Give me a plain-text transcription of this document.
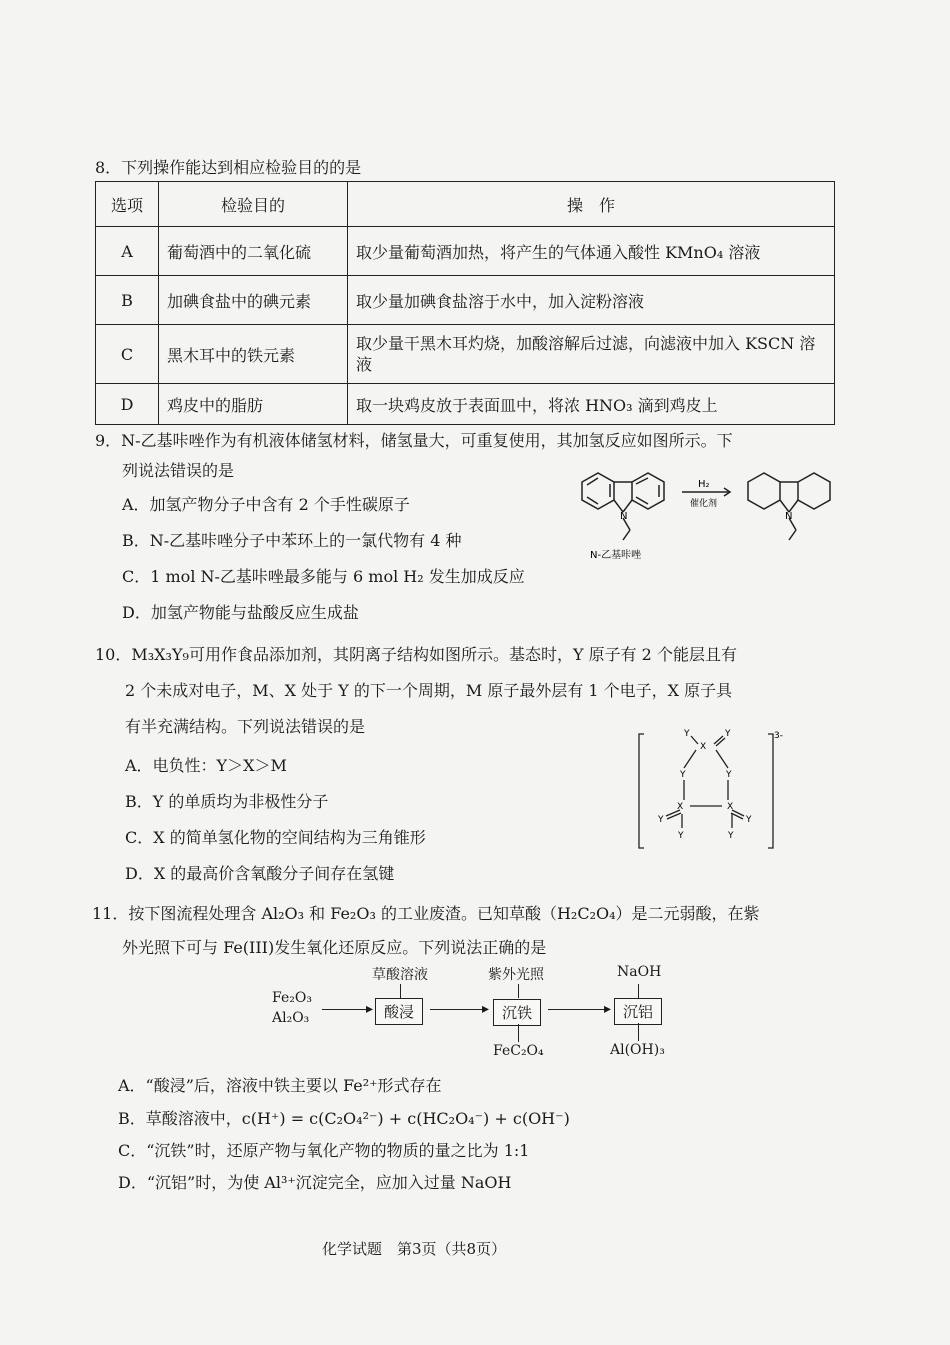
8．下列操作能达到相应检验目的的是
选项	检验目的	操　作
A	葡萄酒中的二氧化硫	取少量葡萄酒加热，将产生的气体通入酸性 KMnO₄ 溶液
B	加碘食盐中的碘元素	取少量加碘食盐溶于水中，加入淀粉溶液
C	黑木耳中的铁元素	取少量干黑木耳灼烧，加酸溶解后过滤，向滤液中加入 KSCN 溶液
D	鸡皮中的脂肪	取一块鸡皮放于表面皿中，将浓 HNO₃ 滴到鸡皮上
9．N-乙基咔唑作为有机液体储氢材料，储氢量大，可重复使用，其加氢反应如图所示。下
列说法错误的是
A．加氢产物分子中含有 2 个手性碳原子
B．N-乙基咔唑分子中苯环上的一氯代物有 4 种
C．1 mol N-乙基咔唑最多能与 6 mol H₂ 发生加成反应
D．加氢产物能与盐酸反应生成盐
N	N
H₂
催化剂
N-乙基咔唑
10．M₃X₃Y₉可用作食品添加剂，其阴离子结构如图所示。基态时，Y 原子有 2 个能层且有
2 个未成对电子，M、X 处于 Y 的下一个周期，M 原子最外层有 1 个电子，X 原子具
有半充满结构。下列说法错误的是
A．电负性：Y＞X＞M
B．Y 的单质均为非极性分子
C．X 的简单氢化物的空间结构为三角锥形
D．X 的最高价含氧酸分子间存在氢键
X
X	X
Y	Y
Y	Y
Y
Y
Y
Y
3-
11．按下图流程处理含 Al₂O₃ 和 Fe₂O₃ 的工业废渣。已知草酸（H₂C₂O₄）是二元弱酸，在紫
外光照下可与 Fe(III)发生氧化还原反应。下列说法正确的是
Fe₂O₃
Al₂O₃
▸
草酸溶液
酸浸	▸
紫外光照
沉铁
FeC₂O₄
▸
NaOH
沉铝
Al(OH)₃
A．“酸浸”后，溶液中铁主要以 Fe²⁺形式存在
B．草酸溶液中，c(H⁺) = c(C₂O₄²⁻) + c(HC₂O₄⁻) + c(OH⁻)
C．“沉铁”时，还原产物与氧化产物的物质的量之比为 1:1
D．“沉铝”时，为使 Al³⁺沉淀完全，应加入过量 NaOH
化学试题　第3页（共8页）
